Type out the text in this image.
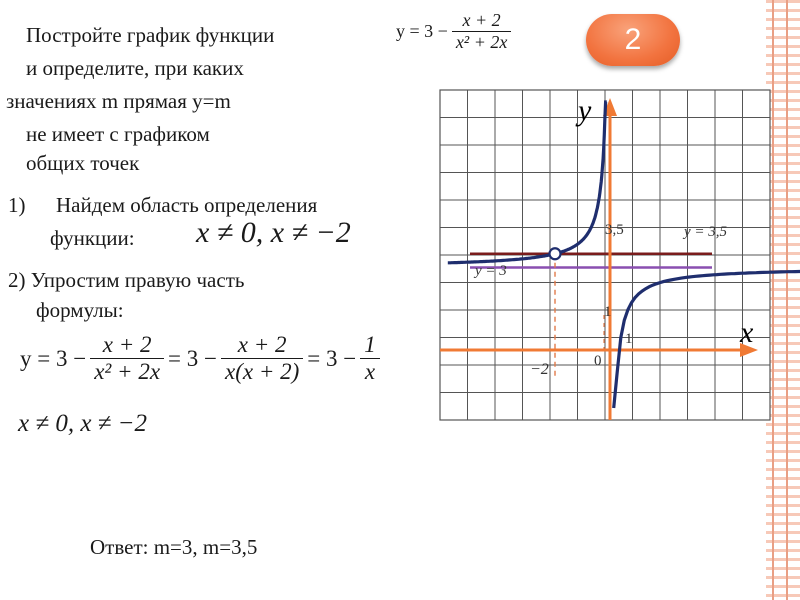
Постройте график функции
и определите, при каких
значениях m прямая y=m
не имеет с графиком
общих точек
$y = 3 - \frac{x + 2}{\text{x² + 2x}}$	2
1) Найдем область определения
функции: x ≠ 0, x ≠ −2
2) Упростим правую часть
формулы:
$y = 3 - \frac{x + 2}{\text{x² + 2x}} = 3 - \frac{x + 2}{x(x + 2)} = 3 - \frac{1}{x}$
x ≠ 0, x ≠ −2
Ответ: m=3, m=3,5
y
x
3,5	y = 3,5
y = 3
1
1
0
−2
